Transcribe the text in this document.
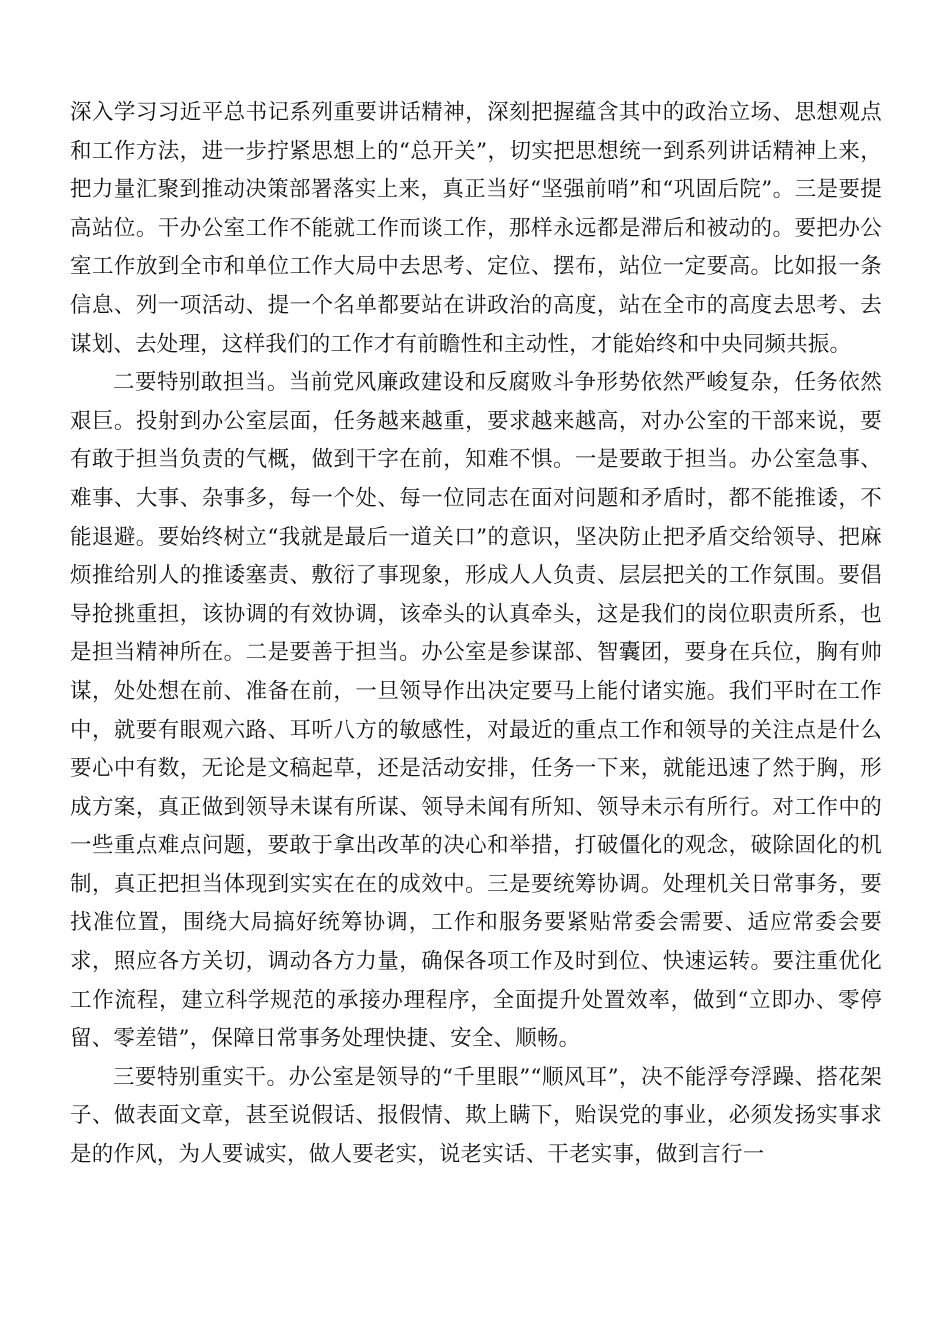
深入学习习近平总书记系列重要讲话精神，深刻把握蕴含其中的政治立场、思想观点和工作方法，进一步拧紧思想上的“总开关”，切实把思想统一到系列讲话精神上来，把力量汇聚到推动决策部署落实上来，真正当好“坚强前哨”和“巩固后院”。三是要提高站位。干办公室工作不能就工作而谈工作，那样永远都是滞后和被动的。要把办公室工作放到全市和单位工作大局中去思考、定位、摆布，站位一定要高。比如报一条信息、列一项活动、提一个名单都要站在讲政治的高度，站在全市的高度去思考、去谋划、去处理，这样我们的工作才有前瞻性和主动性，才能始终和中央同频共振。

二要特别敢担当。当前党风廉政建设和反腐败斗争形势依然严峻复杂，任务依然艰巨。投射到办公室层面，任务越来越重，要求越来越高，对办公室的干部来说，要有敢于担当负责的气概，做到干字在前，知难不惧。一是要敢于担当。办公室急事、难事、大事、杂事多，每一个处、每一位同志在面对问题和矛盾时，都不能推诿，不能退避。要始终树立“我就是最后一道关口”的意识，坚决防止把矛盾交给领导、把麻烦推给别人的推诿塞责、敷衍了事现象，形成人人负责、层层把关的工作氛围。要倡导抢挑重担，该协调的有效协调，该牵头的认真牵头，这是我们的岗位职责所系，也是担当精神所在。二是要善于担当。办公室是参谋部、智囊团，要身在兵位，胸有帅谋，处处想在前、准备在前，一旦领导作出决定要马上能付诸实施。我们平时在工作中，就要有眼观六路、耳听八方的敏感性，对最近的重点工作和领导的关注点是什么要心中有数，无论是文稿起草，还是活动安排，任务一下来，就能迅速了然于胸，形成方案，真正做到领导未谋有所谋、领导未闻有所知、领导未示有所行。对工作中的一些重点难点问题，要敢于拿出改革的决心和举措，打破僵化的观念，破除固化的机制，真正把担当体现到实实在在的成效中。三是要统筹协调。处理机关日常事务，要找准位置，围绕大局搞好统筹协调，工作和服务要紧贴常委会需要、适应常委会要求，照应各方关切，调动各方力量，确保各项工作及时到位、快速运转。要注重优化工作流程，建立科学规范的承接办理程序，全面提升处置效率，做到“立即办、零停留、零差错”，保障日常事务处理快捷、安全、顺畅。

三要特别重实干。办公室是领导的“千里眼”“顺风耳”，决不能浮夸浮躁、搭花架子、做表面文章，甚至说假话、报假情、欺上瞒下，贻误党的事业，必须发扬实事求是的作风，为人要诚实，做人要老实，说老实话、干老实事，做到言行一
